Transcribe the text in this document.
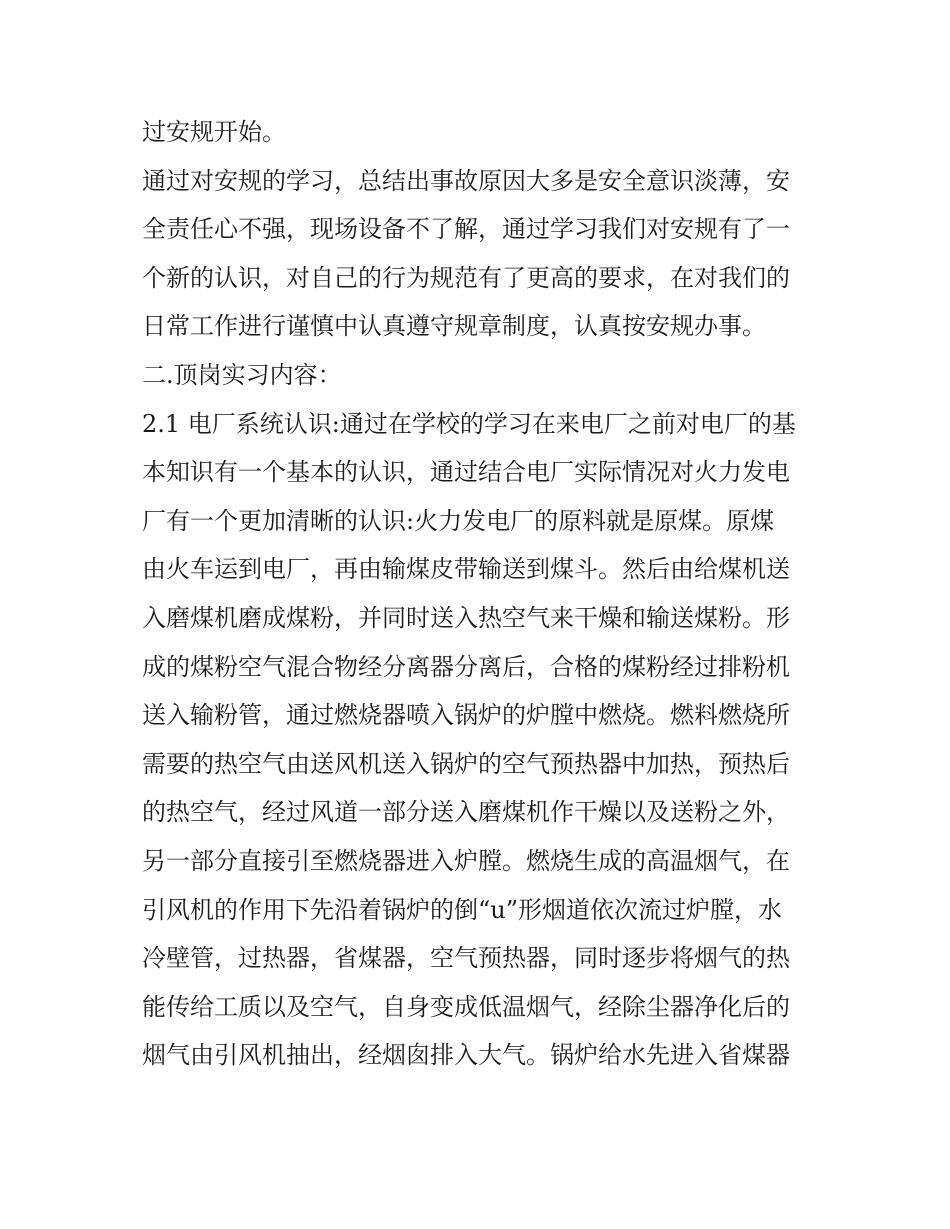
过安规开始。
通过对安规的学习，总结出事故原因大多是安全意识淡薄，安
全责任心不强，现场设备不了解，通过学习我们对安规有了一
个新的认识，对自己的行为规范有了更高的要求，在对我们的
日常工作进行谨慎中认真遵守规章制度，认真按安规办事。
二.顶岗实习内容：
2.1 电厂系统认识:通过在学校的学习在来电厂之前对电厂的基
本知识有一个基本的认识，通过结合电厂实际情况对火力发电
厂有一个更加清晰的认识:火力发电厂的原料就是原煤。原煤
由火车运到电厂，再由输煤皮带输送到煤斗。然后由给煤机送
入磨煤机磨成煤粉，并同时送入热空气来干燥和输送煤粉。形
成的煤粉空气混合物经分离器分离后，合格的煤粉经过排粉机
送入输粉管，通过燃烧器喷入锅炉的炉膛中燃烧。燃料燃烧所
需要的热空气由送风机送入锅炉的空气预热器中加热，预热后
的热空气，经过风道一部分送入磨煤机作干燥以及送粉之外，
另一部分直接引至燃烧器进入炉膛。燃烧生成的高温烟气，在
引风机的作用下先沿着锅炉的倒“u”形烟道依次流过炉膛，水
冷壁管，过热器，省煤器，空气预热器，同时逐步将烟气的热
能传给工质以及空气，自身变成低温烟气，经除尘器净化后的
烟气由引风机抽出，经烟囱排入大气。锅炉给水先进入省煤器
